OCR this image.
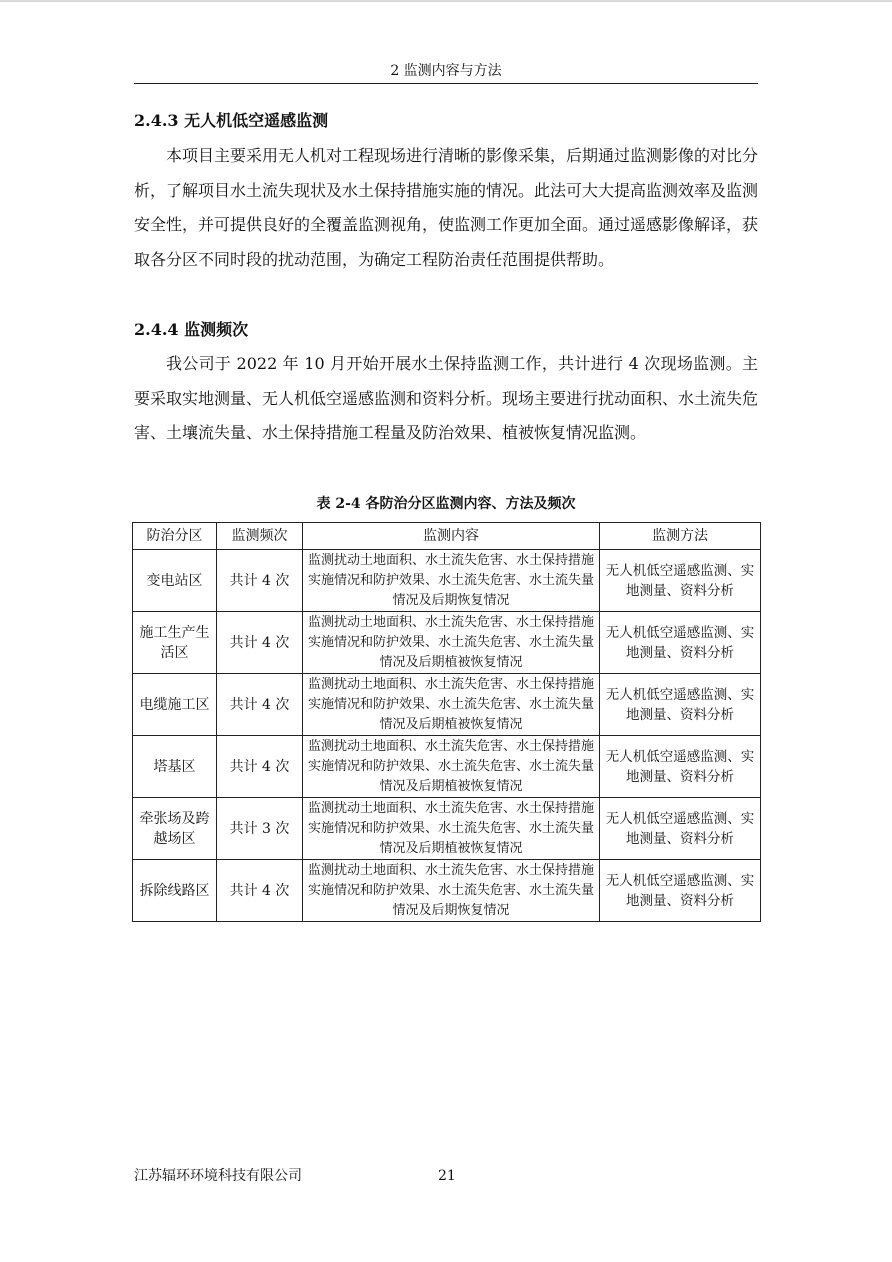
2 监测内容与方法
2.4.3 无人机低空遥感监测

本项目主要采用无人机对工程现场进行清晰的影像采集，后期通过监测影像的对比分析，了解项目水土流失现状及水土保持措施实施的情况。此法可大大提高监测效率及监测安全性，并可提供良好的全覆盖监测视角，使监测工作更加全面。通过遥感影像解译，获取各分区不同时段的扰动范围，为确定工程防治责任范围提供帮助。

2.4.4 监测频次

我公司于 2022 年 10 月开始开展水土保持监测工作，共计进行 4 次现场监测。主要采取实地测量、无人机低空遥感监测和资料分析。现场主要进行扰动面积、水土流失危害、土壤流失量、水土保持措施工程量及防治效果、植被恢复情况监测。

表 2-4 各防治分区监测内容、方法及频次
防治分区	监测频次	监测内容	监测方法
变电站区	共计 4 次	监测扰动土地面积、水土流失危害、水土保持措施实施情况和防护效果、水土流失危害、水土流失量情况及后期恢复情况	无人机低空遥感监测、实地测量、资料分析
施工生产生活区	共计 4 次	监测扰动土地面积、水土流失危害、水土保持措施实施情况和防护效果、水土流失危害、水土流失量情况及后期植被恢复情况	无人机低空遥感监测、实地测量、资料分析
电缆施工区	共计 4 次	监测扰动土地面积、水土流失危害、水土保持措施实施情况和防护效果、水土流失危害、水土流失量情况及后期植被恢复情况	无人机低空遥感监测、实地测量、资料分析
塔基区	共计 4 次	监测扰动土地面积、水土流失危害、水土保持措施实施情况和防护效果、水土流失危害、水土流失量情况及后期植被恢复情况	无人机低空遥感监测、实地测量、资料分析
牵张场及跨越场区	共计 3 次	监测扰动土地面积、水土流失危害、水土保持措施实施情况和防护效果、水土流失危害、水土流失量情况及后期植被恢复情况	无人机低空遥感监测、实地测量、资料分析
拆除线路区	共计 4 次	监测扰动土地面积、水土流失危害、水土保持措施实施情况和防护效果、水土流失危害、水土流失量情况及后期恢复情况	无人机低空遥感监测、实地测量、资料分析
江苏辐环环境科技有限公司	21
